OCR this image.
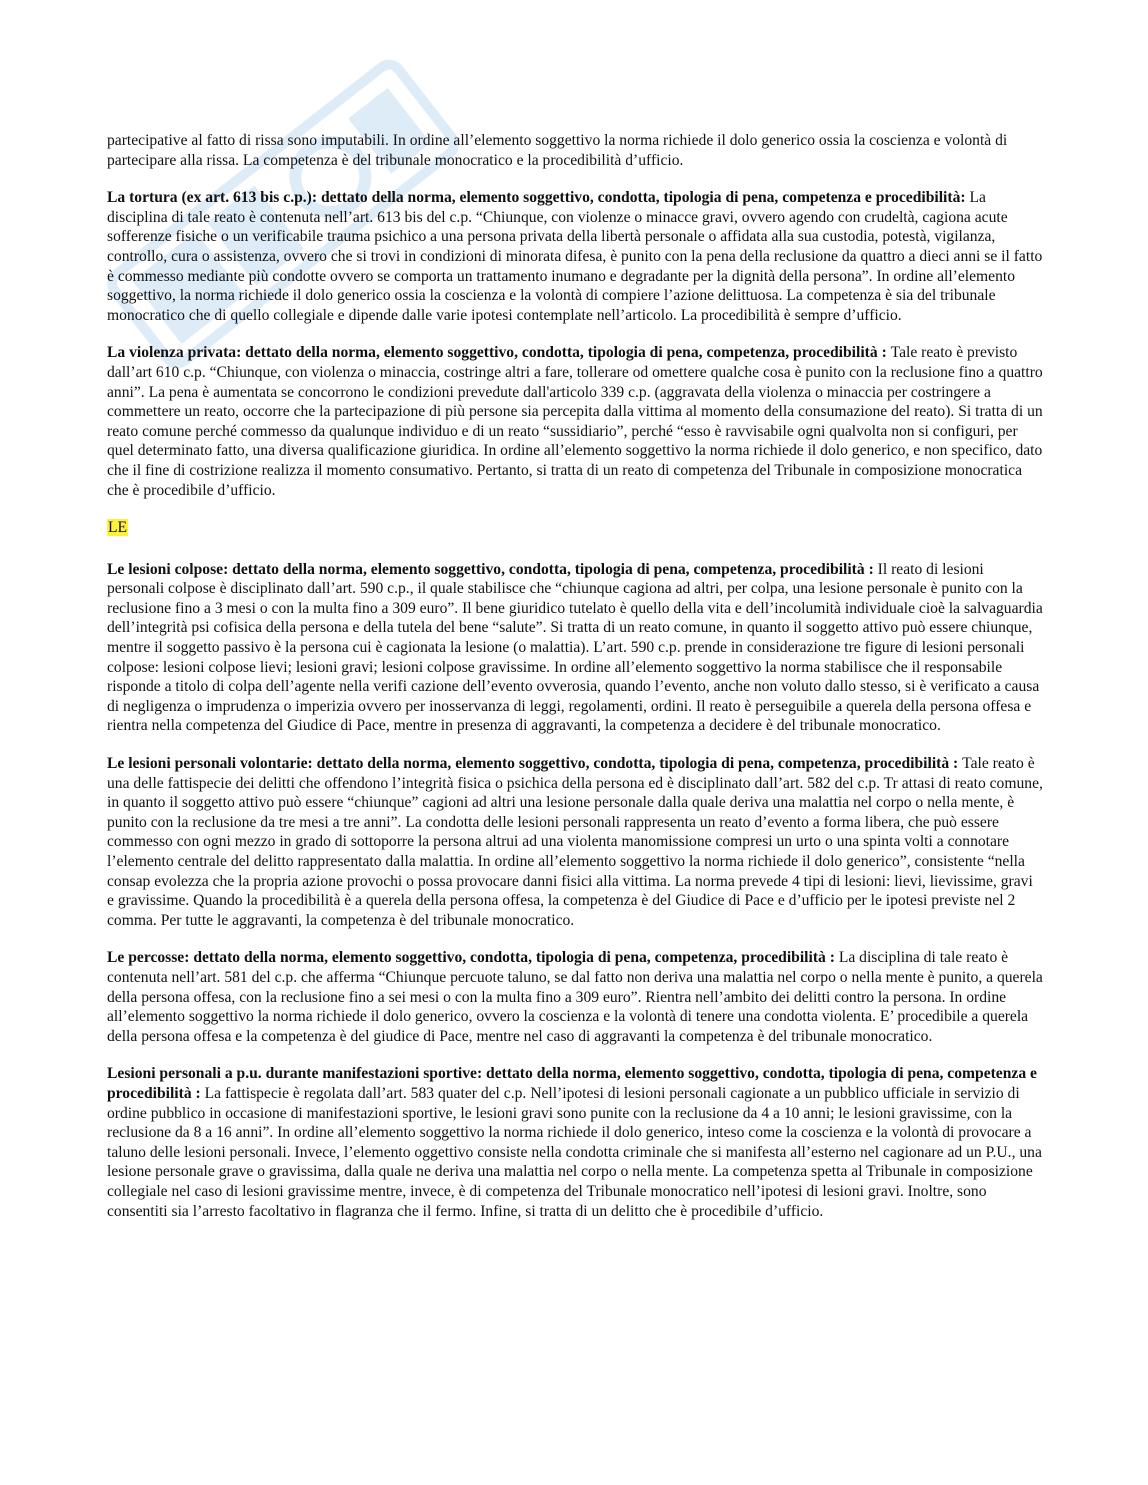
partecipative al fatto di rissa sono imputabili. In ordine all’elemento soggettivo la norma richiede il dolo generico ossia la coscienza e volontà di partecipare alla rissa. La competenza è del tribunale monocratico e la procedibilità d’ufficio.

La tortura (ex art. 613 bis c.p.): dettato della norma, elemento soggettivo, condotta, tipologia di pena, competenza e procedibilità: La disciplina di tale reato è contenuta nell’art. 613 bis del c.p. “Chiunque, con violenze o minacce gravi, ovvero agendo con crudeltà, cagiona acute sofferenze fisiche o un verificabile trauma psichico a una persona privata della libertà personale o affidata alla sua custodia, potestà, vigilanza, controllo, cura o assistenza, ovvero che si trovi in condizioni di minorata difesa, è punito con la pena della reclusione da quattro a dieci anni se il fatto è commesso mediante più condotte ovvero se comporta un trattamento inumano e degradante per la dignità della persona”. In ordine all’elemento soggettivo, la norma richiede il dolo generico ossia la coscienza e la volontà di compiere l’azione delittuosa. La competenza è sia del tribunale monocratico che di quello collegiale e dipende dalle varie ipotesi contemplate nell’articolo. La procedibilità è sempre d’ufficio.

La violenza privata: dettato della norma, elemento soggettivo, condotta, tipologia di pena, competenza, procedibilità : Tale reato è previsto dall’art 610 c.p. “Chiunque, con violenza o minaccia, costringe altri a fare, tollerare od omettere qualche cosa è punito con la reclusione fino a quattro anni”. La pena è aumentata se concorrono le condizioni prevedute dall'articolo 339 c.p. (aggravata della violenza o minaccia per costringere a commettere un reato, occorre che la partecipazione di più persone sia percepita dalla vittima al momento della consumazione del reato). Si tratta di un reato comune perché commesso da qualunque individuo e di un reato “sussidiario”, perché “esso è ravvisabile ogni qualvolta non si configuri, per quel determinato fatto, una diversa qualificazione giuridica. In ordine all’elemento soggettivo la norma richiede il dolo generico, e non specifico, dato che il fine di costrizione realizza il momento consumativo. Pertanto, si tratta di un reato di competenza del Tribunale in composizione monocratica che è procedibile d’ufficio.

LE

Le lesioni colpose: dettato della norma, elemento soggettivo, condotta, tipologia di pena, competenza, procedibilità : Il reato di lesioni personali colpose è disciplinato dall’art. 590 c.p., il quale stabilisce che “chiunque cagiona ad altri, per colpa, una lesione personale è punito con la reclusione fino a 3 mesi o con la multa fino a 309 euro”. Il bene giuridico tutelato è quello della vita e dell’incolumità individuale cioè la salvaguardia dell’integrità psi cofisica della persona e della tutela del bene “salute”. Si tratta di un reato comune, in quanto il soggetto attivo può essere chiunque, mentre il soggetto passivo è la persona cui è cagionata la lesione (o malattia). L’art. 590 c.p. prende in considerazione tre figure di lesioni personali colpose: lesioni colpose lievi; lesioni gravi; lesioni colpose gravissime. In ordine all’elemento soggettivo la norma stabilisce che il responsabile risponde a titolo di colpa dell’agente nella verifi cazione dell’evento ovverosia, quando l’evento, anche non voluto dallo stesso, si è verificato a causa di negligenza o imprudenza o imperizia ovvero per inosservanza di leggi, regolamenti, ordini. Il reato è perseguibile a querela della persona offesa e rientra nella competenza del Giudice di Pace, mentre in presenza di aggravanti, la competenza a decidere è del tribunale monocratico.

Le lesioni personali volontarie: dettato della norma, elemento soggettivo, condotta, tipologia di pena, competenza, procedibilità : Tale reato è una delle fattispecie dei delitti che offendono l’integrità fisica o psichica della persona ed è disciplinato dall’art. 582 del c.p. Tr attasi di reato comune, in quanto il soggetto attivo può essere “chiunque” cagioni ad altri una lesione personale dalla quale deriva una malattia nel corpo o nella mente, è punito con la reclusione da tre mesi a tre anni”. La condotta delle lesioni personali rappresenta un reato d’evento a forma libera, che può essere commesso con ogni mezzo in grado di sottoporre la persona altrui ad una violenta manomissione compresi un urto o una spinta volti a connotare l’elemento centrale del delitto rappresentato dalla malattia. In ordine all’elemento soggettivo la norma richiede il dolo generico”, consistente “nella consap evolezza che la propria azione provochi o possa provocare danni fisici alla vittima. La norma prevede 4 tipi di lesioni: lievi, lievissime, gravi e gravissime. Quando la procedibilità è a querela della persona offesa, la competenza è del Giudice di Pace e d’ufficio per le ipotesi previste nel 2 comma. Per tutte le aggravanti, la competenza è del tribunale monocratico.

Le percosse: dettato della norma, elemento soggettivo, condotta, tipologia di pena, competenza, procedibilità : La disciplina di tale reato è contenuta nell’art. 581 del c.p. che afferma “Chiunque percuote taluno, se dal fatto non deriva una malattia nel corpo o nella mente è punito, a querela della persona offesa, con la reclusione fino a sei mesi o con la multa fino a 309 euro”. Rientra nell’ambito dei delitti contro la persona. In ordine all’elemento soggettivo la norma richiede il dolo generico, ovvero la coscienza e la volontà di tenere una condotta violenta. E’ procedibile a querela della persona offesa e la competenza è del giudice di Pace, mentre nel caso di aggravanti la competenza è del tribunale monocratico.

Lesioni personali a p.u. durante manifestazioni sportive: dettato della norma, elemento soggettivo, condotta, tipologia di pena, competenza e procedibilità : La fattispecie è regolata dall’art. 583 quater del c.p. Nell’ipotesi di lesioni personali cagionate a un pubblico ufficiale in servizio di ordine pubblico in occasione di manifestazioni sportive, le lesioni gravi sono punite con la reclusione da 4 a 10 anni; le lesioni gravissime, con la reclusione da 8 a 16 anni”. In ordine all’elemento soggettivo la norma richiede il dolo generico, inteso come la coscienza e la volontà di provocare a taluno delle lesioni personali. Invece, l’elemento oggettivo consiste nella condotta criminale che si manifesta all’esterno nel cagionare ad un P.U., una lesione personale grave o gravissima, dalla quale ne deriva una malattia nel corpo o nella mente. La competenza spetta al Tribunale in composizione collegiale nel caso di lesioni gravissime mentre, invece, è di competenza del Tribunale monocratico nell’ipotesi di lesioni gravi. Inoltre, sono consentiti sia l’arresto facoltativo in flagranza che il fermo. Infine, si tratta di un delitto che è procedibile d’ufficio.
